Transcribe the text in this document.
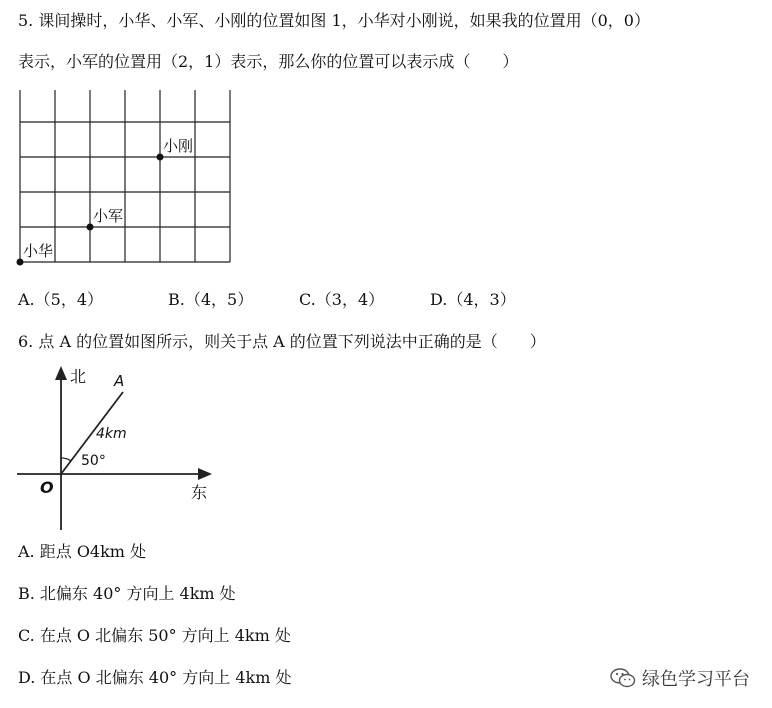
5. 课间操时，小华、小军、小刚的位置如图 1，小华对小刚说，如果我的位置用（0，0）
表示，小军的位置用（2，1）表示，那么你的位置可以表示成（　　）
小华
小军
小刚
A.（5，4）	B.（4，5）	C.（3，4）	D.（4，3）
6. 点 A 的位置如图所示，则关于点 A 的位置下列说法中正确的是（　　）
北 A
4km
50°
O	东
A. 距点 O4km 处
B. 北偏东 40° 方向上 4km 处
C. 在点 O 北偏东 50° 方向上 4km 处
D. 在点 O 北偏东 40° 方向上 4km 处	绿色学习平台
